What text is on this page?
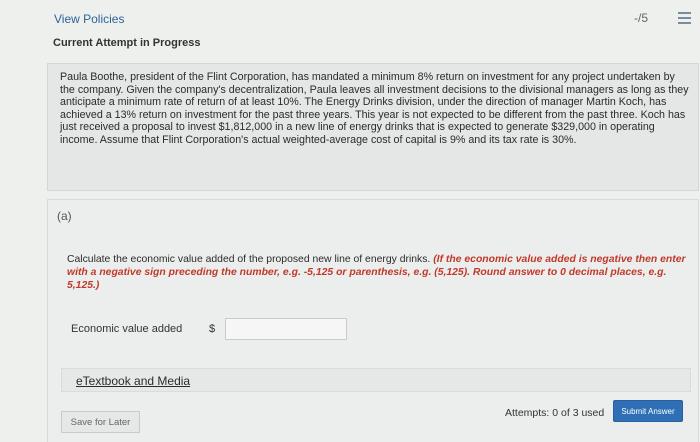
View Policies
Current Attempt in Progress
-/5
Paula Boothe, president of the Flint Corporation, has mandated a minimum 8% return on investment for any project undertaken by the company. Given the company's decentralization, Paula leaves all investment decisions to the divisional managers as long as they anticipate a minimum rate of return of at least 10%. The Energy Drinks division, under the direction of manager Martin Koch, has achieved a 13% return on investment for the past three years. This year is not expected to be different from the past three. Koch has just received a proposal to invest $1,812,000 in a new line of energy drinks that is expected to generate $329,000 in operating income. Assume that Flint Corporation's actual weighted-average cost of capital is 9% and its tax rate is 30%.
(a)
Calculate the economic value added of the proposed new line of energy drinks. (If the economic value added is negative then enter with a negative sign preceding the number, e.g. -5,125 or parenthesis, e.g. (5,125). Round answer to 0 decimal places, e.g. 5,125.)
Economic value added $
eTextbook and Media
Save for Later
Attempts: 0 of 3 used	Submit Answer
